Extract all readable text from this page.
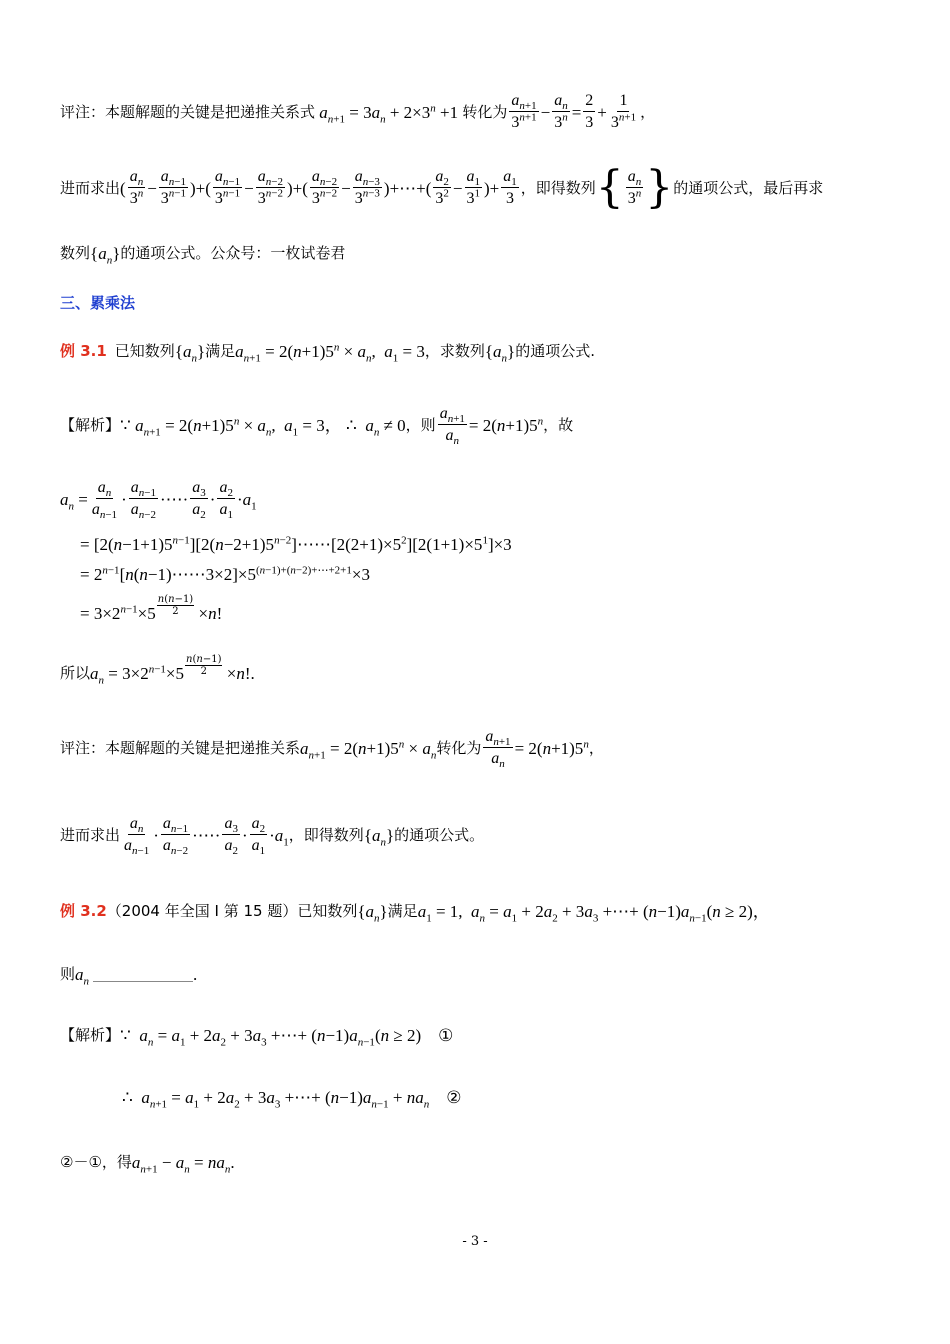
评注：本题解题的关键是把递推关系式 $a_{n+1} = 3a_n + 2\times 3^n +1$ 转化为 $\frac{a_{n+1}}{3^{n+1}} - \frac{a_n}{3^n} = \frac{2}{3} + \frac{1}{3^{n+1}}$ ，
进而求出 ( $\frac{a_n}{3^n} - \frac{a_{n-1}}{3^{n-1}}$ )+( $\frac{a_{n-1}}{3^{n-1}} - \frac{a_{n-2}}{3^{n-2}}$ )+( $\frac{a_{n-2}}{3^{n-2}} - \frac{a_{n-3}}{3^{n-3}}$ )+⋯+( $\frac{a_2}{3^2} - \frac{a_1}{3^1}$ )+ $\frac{a_1}{3}$ ，即得数列 { $\frac{a_n}{3^n}$ } 的通项公式，最后再求
数列 $\{a_n\}$ 的通项公式。公众号：一枚试卷君
三、累乘法
例 3.1 已知数列 $\{a_n\}$ 满足 $a_{n+1} = 2(n+1)5^n \times a_n$,  $a_1 = 3$ ，求数列 $\{a_n\}$ 的通项公式.
【解析】 ∵ $a_{n+1} = 2(n+1)5^n \times a_n$,  $a_1 = 3$， ∴ $a_n \ne 0$ ，则 $\frac{a_{n+1}}{a_n} = 2(n+1)5^n$ ，故
$a_n = \frac{a_n}{a_{n-1}} \cdot \frac{a_{n-1}}{a_{n-2}}$ ·⋯· $\frac{a_3}{a_2} \cdot \frac{a_2}{a_1} \cdot a_1$
= $[2(n-1+1)5^{n-1}][2(n-2+1)5^{n-2}]\cdots\cdots[2(2+1)\times 5^2][2(1+1)\times 5^1]\times 3$
= $2^{n-1}[n(n-1)\cdots\cdots 3\times 2]\times 5^{(n-1)+(n-2)+\cdots+2+1}\times 3$
= $3\times 2^{n-1}\times 5 \frac{n(n-1)}{2} \times n$!
所以 $a_n = 3\times 2^{n-1}\times 5 \frac{n(n-1)}{2} \times n$!.
评注：本题解题的关键是把递推关系 $a_{n+1} = 2(n+1)5^n \times a_n$ 转化为 $\frac{a_{n+1}}{a_n} = 2(n+1)5^n$ ，
进而求出 $\frac{a_n}{a_{n-1}} \cdot \frac{a_{n-1}}{a_{n-2}}$ ·⋯· $\frac{a_3}{a_2} \cdot \frac{a_2}{a_1} \cdot a_1$ ，即得数列 $\{a_n\}$ 的通项公式。
例 3.2 （2004 年全国 I 第 15 题）已知数列 $\{a_n\}$ 满足 $a_1 = 1$,  $a_n = a_1 + 2a_2 + 3a_3$ +⋯+ $(n-1)a_{n-1}(n \ge 2)$，
则 $a_n$	.
【解析】 ∵ $a_n = a_1 + 2a_2 + 3a_3$ +⋯+ $(n-1)a_{n-1}(n \ge 2)$ ①
∴ $a_{n+1} = a_1 + 2a_2 + 3a_3$ +⋯+ $(n-1)a_{n-1} + na_n$	②
②－①，得 $a_{n+1} - a_n = na_n$.
- 3 -
